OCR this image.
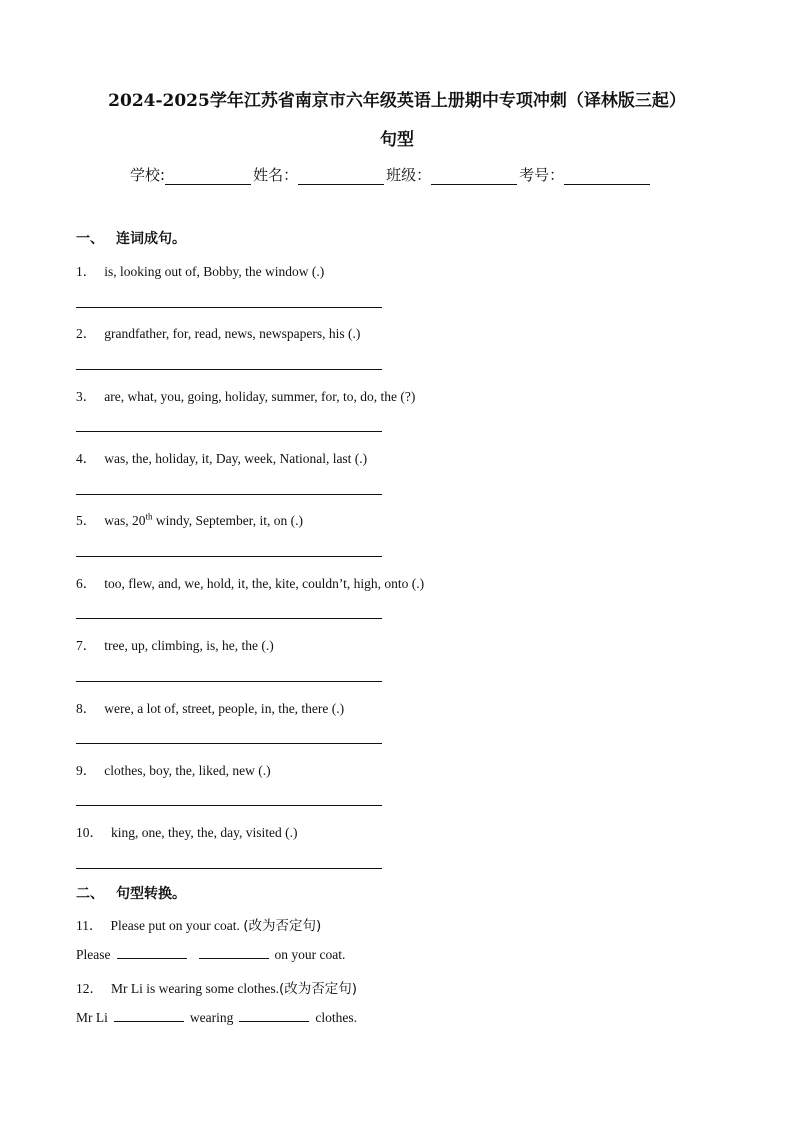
2024-2025学年江苏省南京市六年级英语上册期中专项冲刺（译林版三起）
句型
学校:	姓名：	班级：	考号：
一、 连词成句。
1． is, looking out of, Bobby, the window (.)
2． grandfather, for, read, news, newspapers, his (.)
3． are, what, you, going, holiday, summer, for, to, do, the (?)
4． was, the, holiday, it, Day, week, National, last (.)
5． was, 20th windy, September, it, on (.)
6． too, flew, and, we, hold, it, the, kite, couldn’t, high, onto (.)
7． tree, up, climbing, is, he, the (.)
8． were, a lot of, street, people, in, the, there (.)
9． clothes, boy, the, liked, new (.)
10． king, one, they, the, day, visited (.)
二、 句型转换。
11． Please put on your coat. (改为否定句)
Please	on your coat.
12． Mr Li is wearing some clothes.(改为否定句)
Mr Li	wearing	clothes.
